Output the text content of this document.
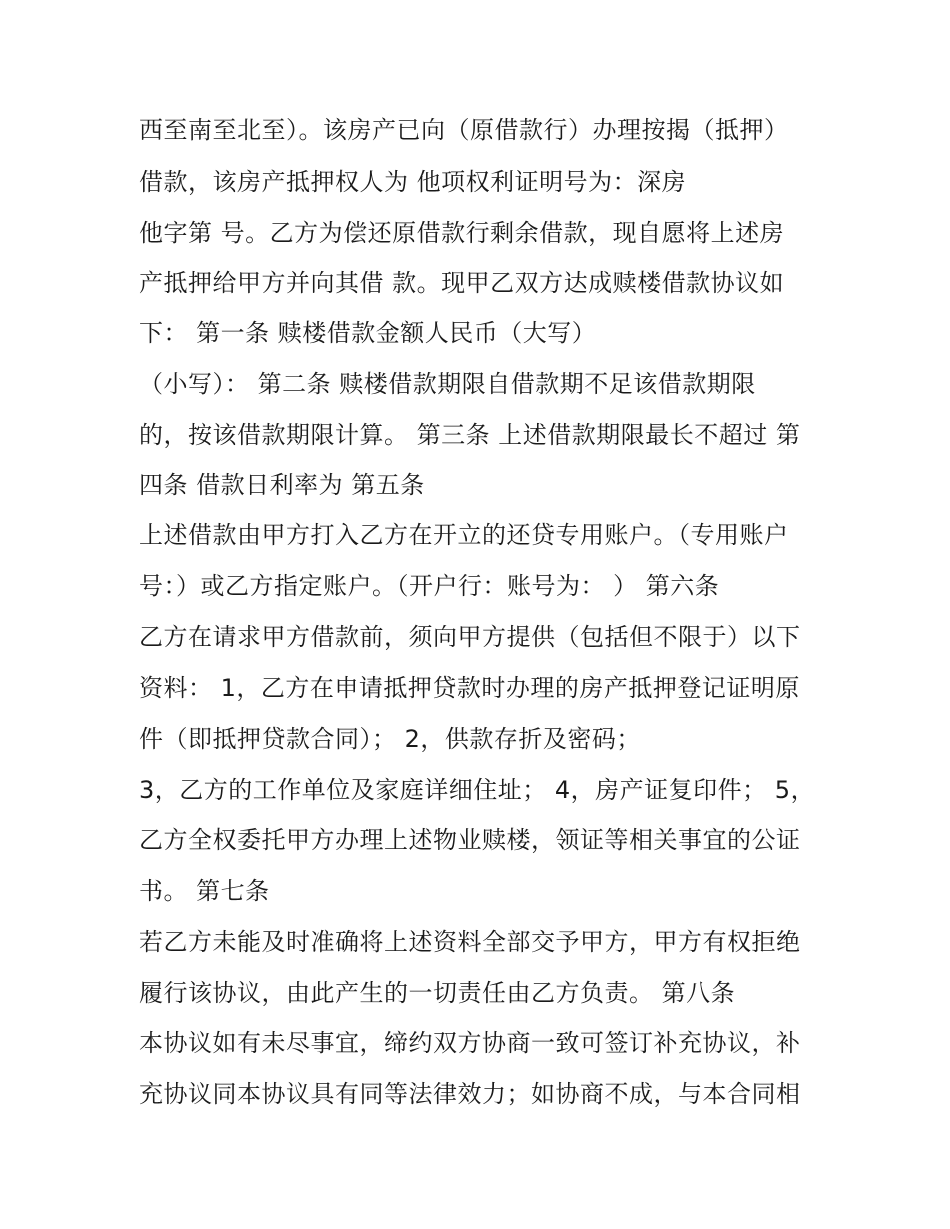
西至南至北至）。该房产已向（原借款行）办理按揭（抵押）
借款，该房产抵押权人为 他项权利证明号为：深房
他字第 号。乙方为偿还原借款行剩余借款，现自愿将上述房
产抵押给甲方并向其借 款。现甲乙双方达成赎楼借款协议如
下： 第一条 赎楼借款金额人民币（大写）
（小写）： 第二条 赎楼借款期限自借款期不足该借款期限
的，按该借款期限计算。 第三条 上述借款期限最长不超过 第
四条 借款日利率为 第五条
上述借款由甲方打入乙方在开立的还贷专用账户。（专用账户
号：）或乙方指定账户。（开户行：账号为： ） 第六条
乙方在请求甲方借款前，须向甲方提供（包括但不限于）以下
资料： 1，乙方在申请抵押贷款时办理的房产抵押登记证明原
件（即抵押贷款合同）； 2，供款存折及密码；
3，乙方的工作单位及家庭详细住址； 4，房产证复印件； 5，
乙方全权委托甲方办理上述物业赎楼，领证等相关事宜的公证
书。 第七条
若乙方未能及时准确将上述资料全部交予甲方，甲方有权拒绝
履行该协议，由此产生的一切责任由乙方负责。 第八条
本协议如有未尽事宜，缔约双方协商一致可签订补充协议，补
充协议同本协议具有同等法律效力；如协商不成，与本合同相
